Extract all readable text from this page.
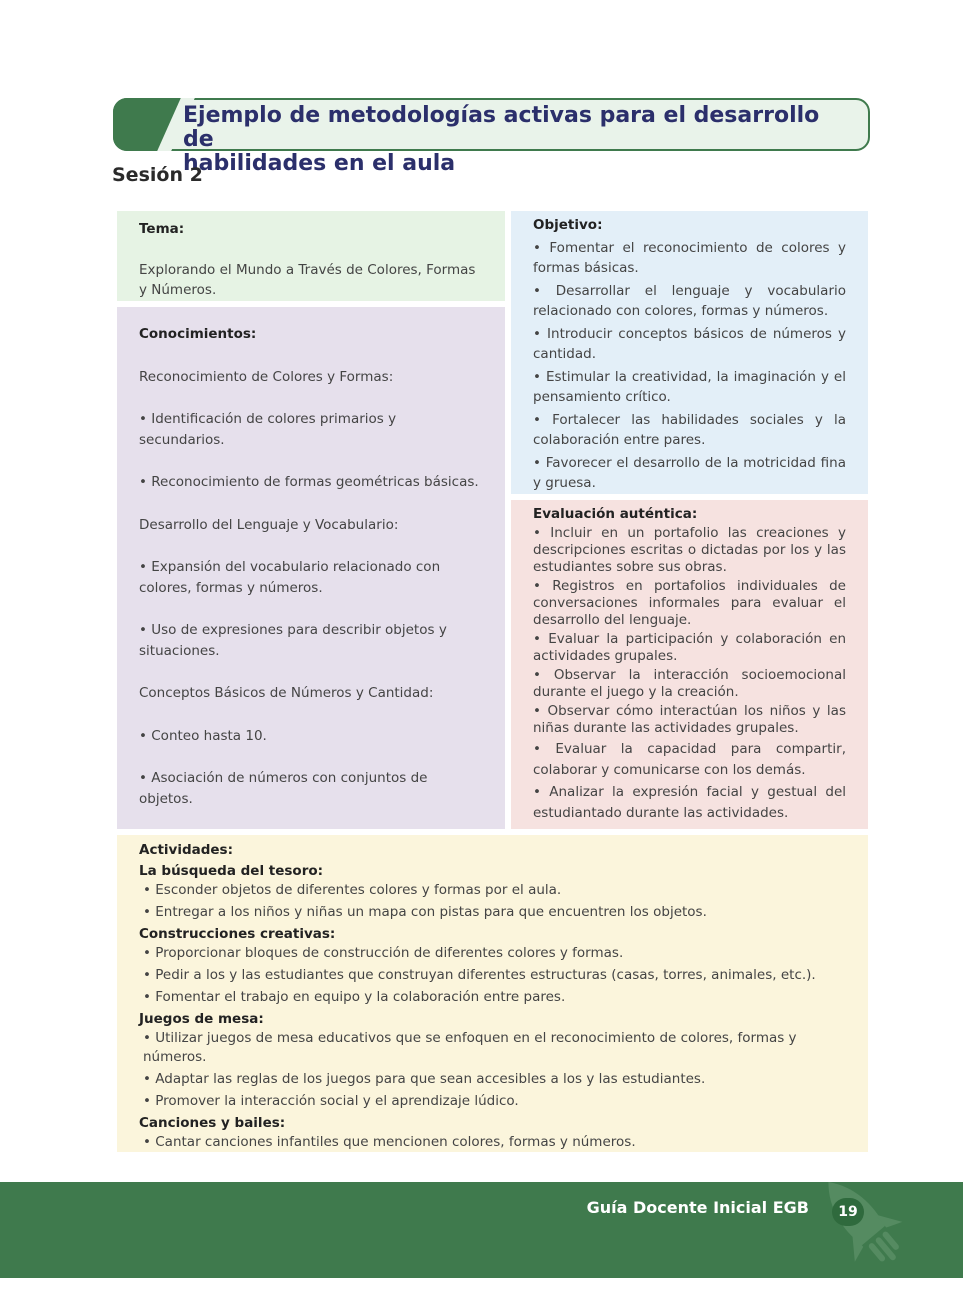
Ejemplo de metodologías activas para el desarrollo de
habilidades en el aula
Sesión 2

Tema:

Explorando el Mundo a Través de Colores, Formas y Números.

Conocimientos:

Reconocimiento de Colores y Formas:

• Identificación de colores primarios y secundarios.

• Reconocimiento de formas geométricas básicas.

Desarrollo del Lenguaje y Vocabulario:

• Expansión del vocabulario relacionado con colores, formas y números.

• Uso de expresiones para describir objetos y situaciones.

Conceptos Básicos de Números y Cantidad:

• Conteo hasta 10.

• Asociación de números con conjuntos de objetos.

Objetivo:

• Fomentar el reconocimiento de colores y formas básicas.

• Desarrollar el lenguaje y vocabulario relacionado con colores, formas y números.

• Introducir conceptos básicos de números y cantidad.

• Estimular la creatividad, la imaginación y el pensamiento crítico.

• Fortalecer las habilidades sociales y la colaboración entre pares.

• Favorecer el desarrollo de la motricidad fina y gruesa.

Evaluación auténtica:

• Incluir en un portafolio las creaciones y descripciones escritas o dictadas por los y las estudiantes sobre sus obras.

• Registros en portafolios individuales de conversaciones informales para evaluar el desarrollo del lenguaje.

• Evaluar la participación y colaboración en actividades grupales.

• Observar la interacción socioemocional durante el juego y la creación.

• Observar cómo interactúan los niños y las niñas durante las actividades grupales.

• Evaluar la capacidad para compartir, colaborar y comunicarse con los demás.

• Analizar la expresión facial y gestual del estudiantado durante las actividades.

Actividades:

La búsqueda del tesoro:

• Esconder objetos de diferentes colores y formas por el aula.

• Entregar a los niños y niñas un mapa con pistas para que encuentren los objetos.

Construcciones creativas:

• Proporcionar bloques de construcción de diferentes colores y formas.

• Pedir a los y las estudiantes que construyan diferentes estructuras (casas, torres, animales, etc.).

• Fomentar el trabajo en equipo y la colaboración entre pares.

Juegos de mesa:

• Utilizar juegos de mesa educativos que se enfoquen en el reconocimiento de colores, formas y números.

• Adaptar las reglas de los juegos para que sean accesibles a los y las estudiantes.

• Promover la interacción social y el aprendizaje lúdico.

Canciones y bailes:

• Cantar canciones infantiles que mencionen colores, formas y números.

Guía Docente Inicial EGB	19
